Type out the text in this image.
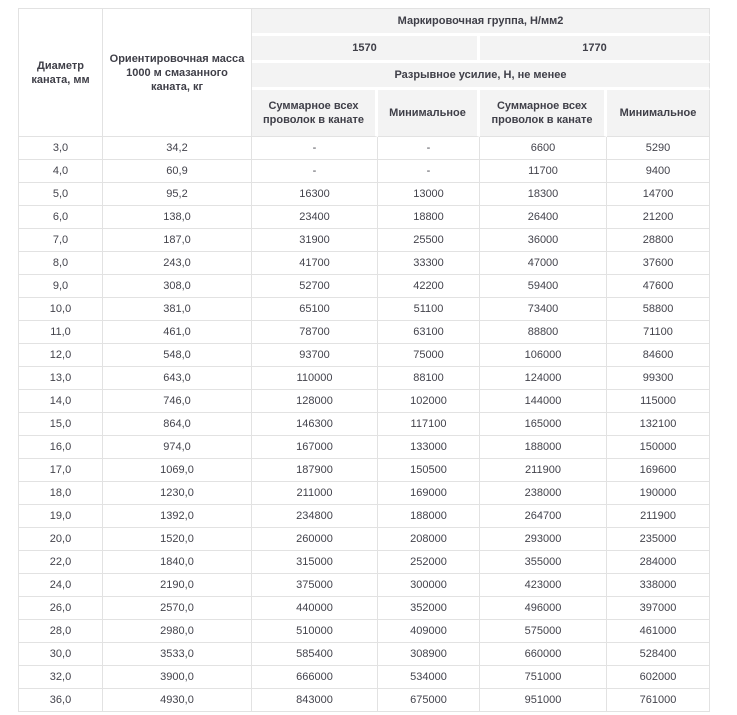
Диаметр каната, мм	Ориентировочная масса 1000 м смазанного каната, кг	Маркировочная группа, Н/мм2			
		1570		1770	
		Разрывное усилие, Н, не менее			
		Суммарное всех проволок в канате	Минимальное	Суммарное всех проволок в канате	Минимальное
3,0	34,2	-	-	6600	5290
4,0	60,9	-	-	11700	9400
5,0	95,2	16300	13000	18300	14700
6,0	138,0	23400	18800	26400	21200
7,0	187,0	31900	25500	36000	28800
8,0	243,0	41700	33300	47000	37600
9,0	308,0	52700	42200	59400	47600
10,0	381,0	65100	51100	73400	58800
11,0	461,0	78700	63100	88800	71100
12,0	548,0	93700	75000	106000	84600
13,0	643,0	110000	88100	124000	99300
14,0	746,0	128000	102000	144000	115000
15,0	864,0	146300	117100	165000	132100
16,0	974,0	167000	133000	188000	150000
17,0	1069,0	187900	150500	211900	169600
18,0	1230,0	211000	169000	238000	190000
19,0	1392,0	234800	188000	264700	211900
20,0	1520,0	260000	208000	293000	235000
22,0	1840,0	315000	252000	355000	284000
24,0	2190,0	375000	300000	423000	338000
26,0	2570,0	440000	352000	496000	397000
28,0	2980,0	510000	409000	575000	461000
30,0	3533,0	585400	308900	660000	528400
32,0	3900,0	666000	534000	751000	602000
36,0	4930,0	843000	675000	951000	761000
